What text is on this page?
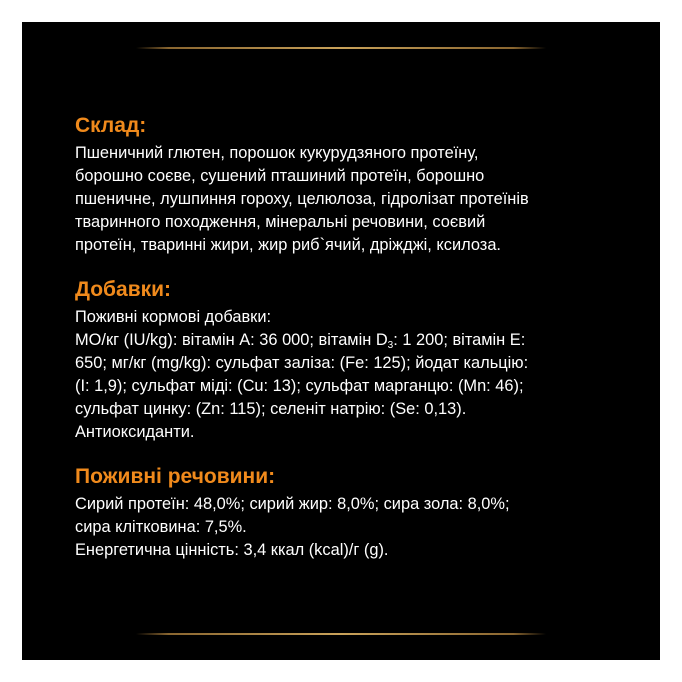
Склад:

Пшеничний глютен, порошок кукурудзяного протеїну,

борошно соєве, сушений пташиний протеїн, борошно

пшеничне, лушпиння гороху, целюлоза, гідролізат протеїнів

тваринного походження, мінеральні речовини, соєвий

протеїн, тваринні жири, жир риб`ячий, дріжджі, ксилоза.

Добавки:

Поживні кормові добавки:

МО/кг (IU/kg): вітамін А: 36 000; вітамін $D_3$: 1 200; вітамін Е:

650; мг/кг (mg/kg): сульфат заліза: (Fe: 125); йодат кальцію:

(I: 1,9); сульфат міді: (Cu: 13); сульфат марганцю: (Mn: 46);

сульфат цинку: (Zn: 115); селеніт натрію: (Se: 0,13).

Антиоксиданти.

Поживні речовини:

Сирий протеїн: 48,0%; сирий жир: 8,0%; сира зола: 8,0%;

сира клітковина: 7,5%.

Енергетична цінність: 3,4 ккал (kcal)/г (g).
